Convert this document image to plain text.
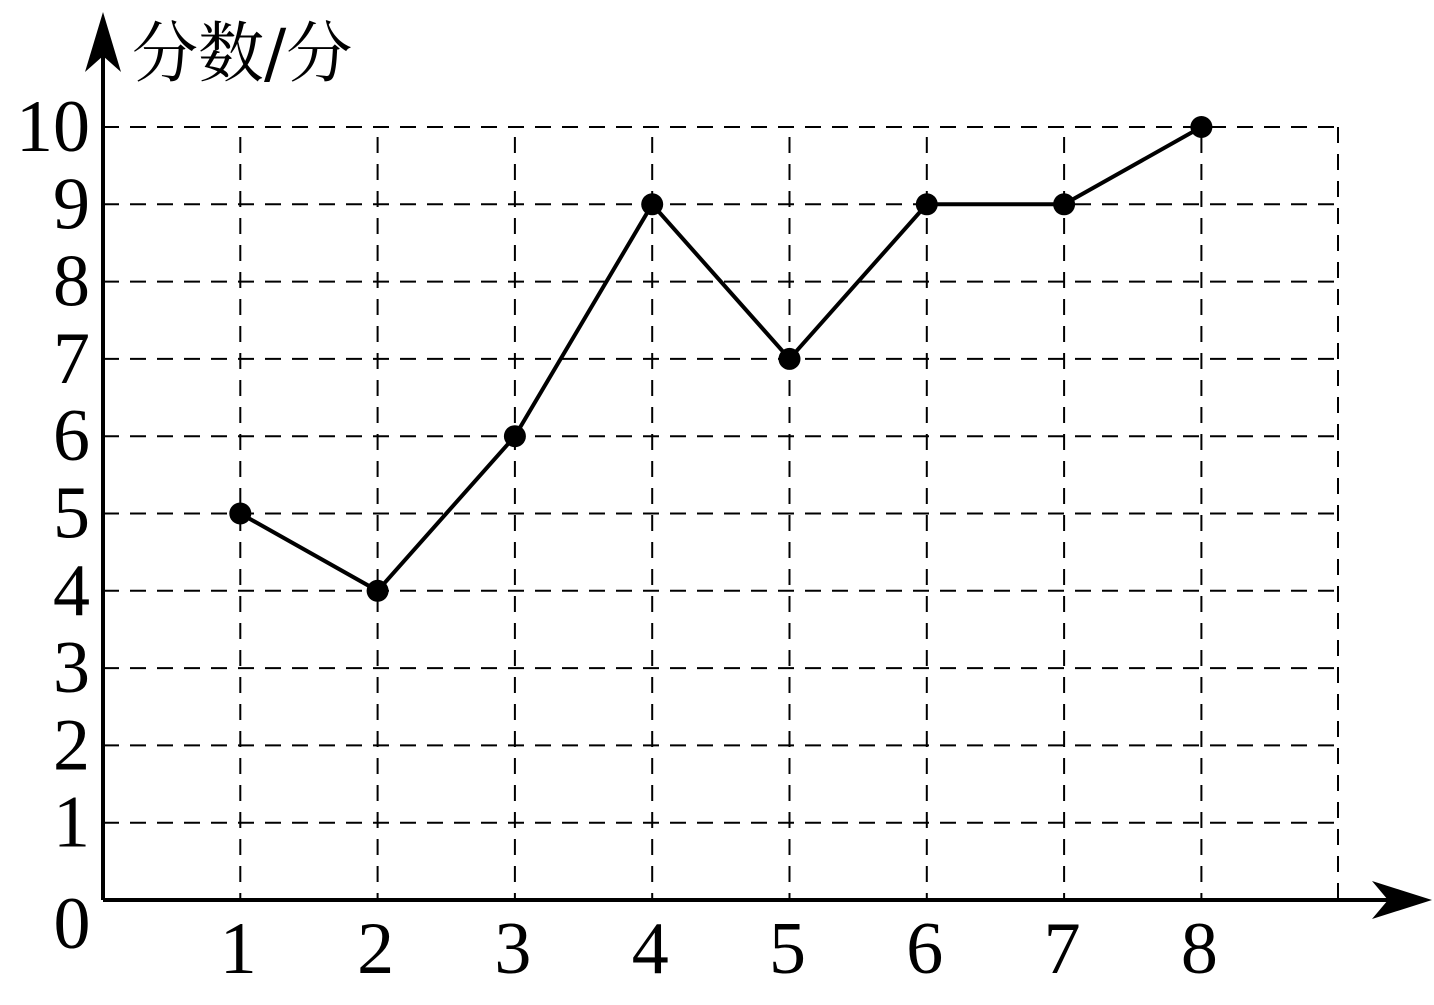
分数/分
0
1
2
3
4
5
6
7
8
9
10
1 2 3 4 5 6 7 8
